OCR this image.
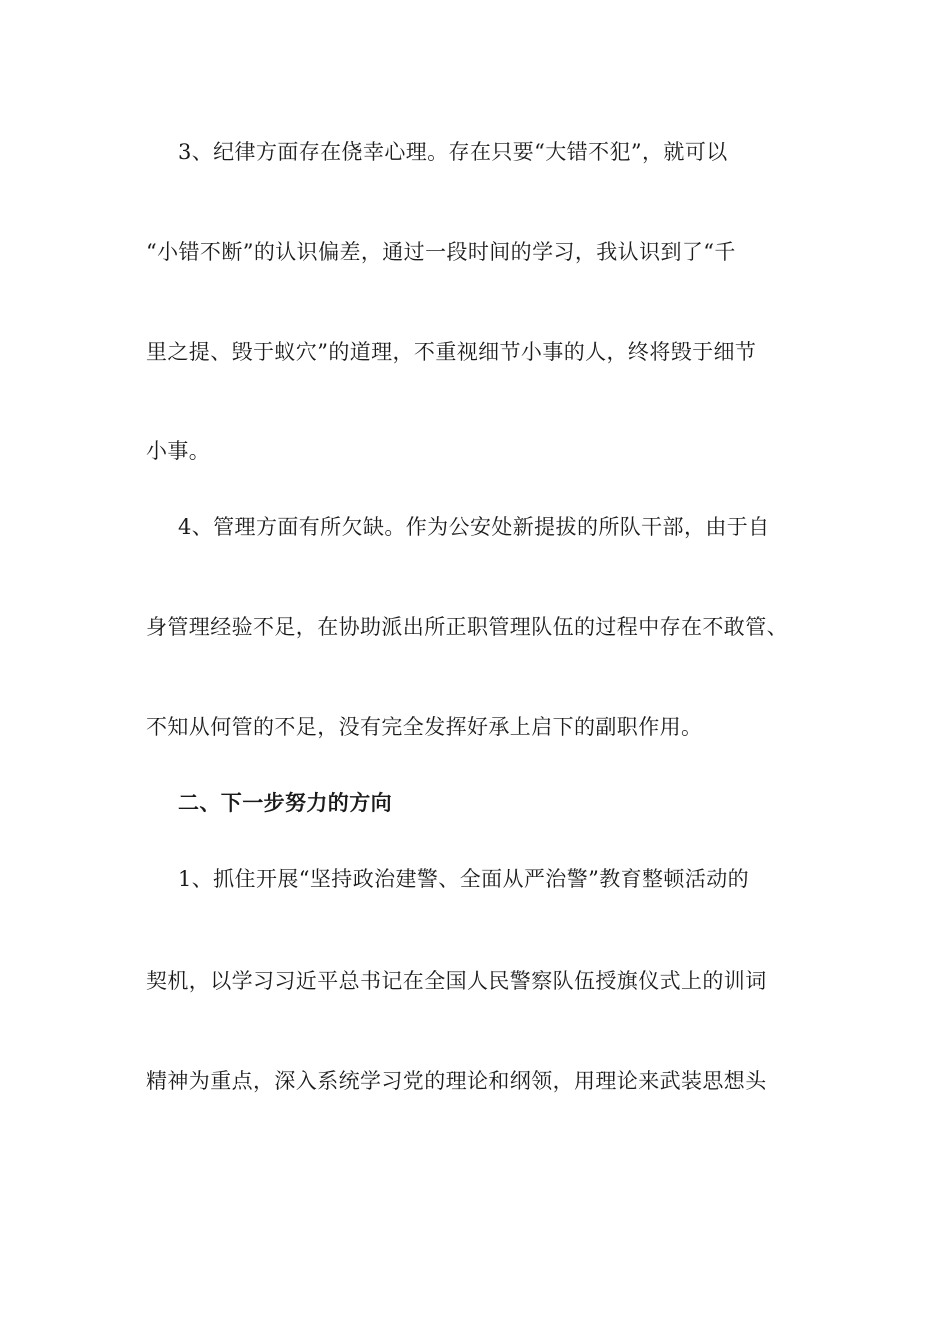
3、纪律方面存在侥幸心理。存在只要“大错不犯”，就可以
“小错不断”的认识偏差，通过一段时间的学习，我认识到了“千
里之提、毁于蚁穴”的道理，不重视细节小事的人，终将毁于细节
小事。
4、管理方面有所欠缺。作为公安处新提拔的所队干部，由于自
身管理经验不足，在协助派出所正职管理队伍的过程中存在不敢管、
不知从何管的不足，没有完全发挥好承上启下的副职作用。
二、下一步努力的方向
1、抓住开展“坚持政治建警、全面从严治警”教育整顿活动的
契机，以学习习近平总书记在全国人民警察队伍授旗仪式上的训词
精神为重点，深入系统学习党的理论和纲领，用理论来武装思想头
